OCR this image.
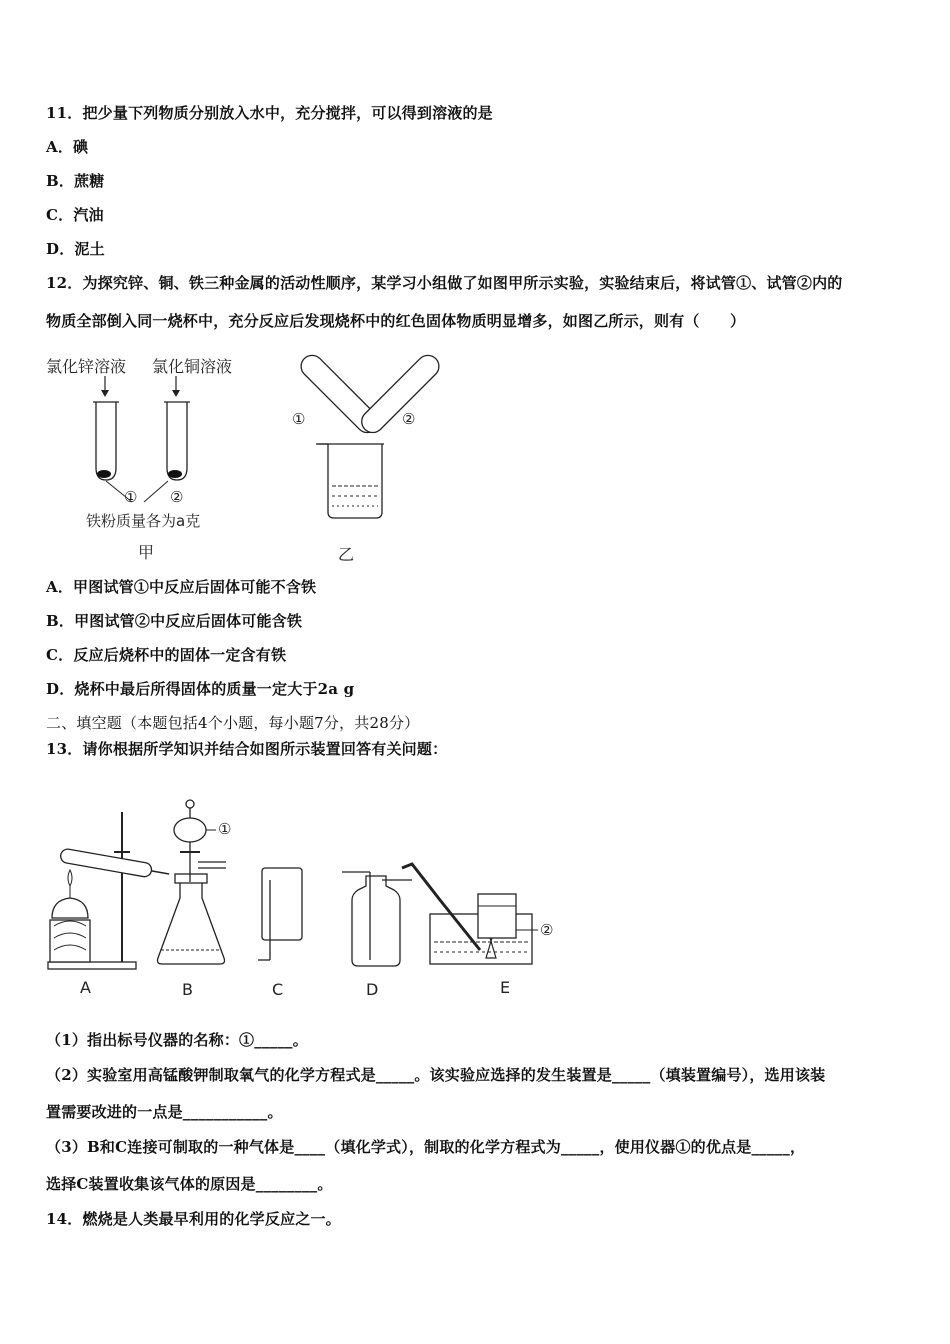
11．把少量下列物质分别放入水中，充分搅拌，可以得到溶液的是
A．碘
B．蔗糖
C．汽油
D．泥土
12．为探究锌、铜、铁三种金属的活动性顺序，某学习小组做了如图甲所示实验，实验结束后，将试管①、试管②内的
物质全部倒入同一烧杯中，充分反应后发现烧杯中的红色固体物质明显增多，如图乙所示，则有（　　）
氯化锌溶液 氯化铜溶液
① ②
铁粉质量各为a克
甲
①	②
乙
A．甲图试管①中反应后固体可能不含铁
B．甲图试管②中反应后固体可能含铁
C．反应后烧杯中的固体一定含有铁
D．烧杯中最后所得固体的质量一定大于2a g
二、填空题（本题包括4个小题，每小题7分，共28分）
13．请你根据所学知识并结合如图所示装置回答有关问题：
①
②
A	B	C	D	E
（1）指出标号仪器的名称：①_____。
（2）实验室用高锰酸钾制取氧气的化学方程式是_____。该实验应选择的发生装置是_____（填装置编号），选用该装
置需要改进的一点是___________。
（3）B和C连接可制取的一种气体是____（填化学式），制取的化学方程式为_____，使用仪器①的优点是_____，
选择C装置收集该气体的原因是________。
14．燃烧是人类最早利用的化学反应之一。
